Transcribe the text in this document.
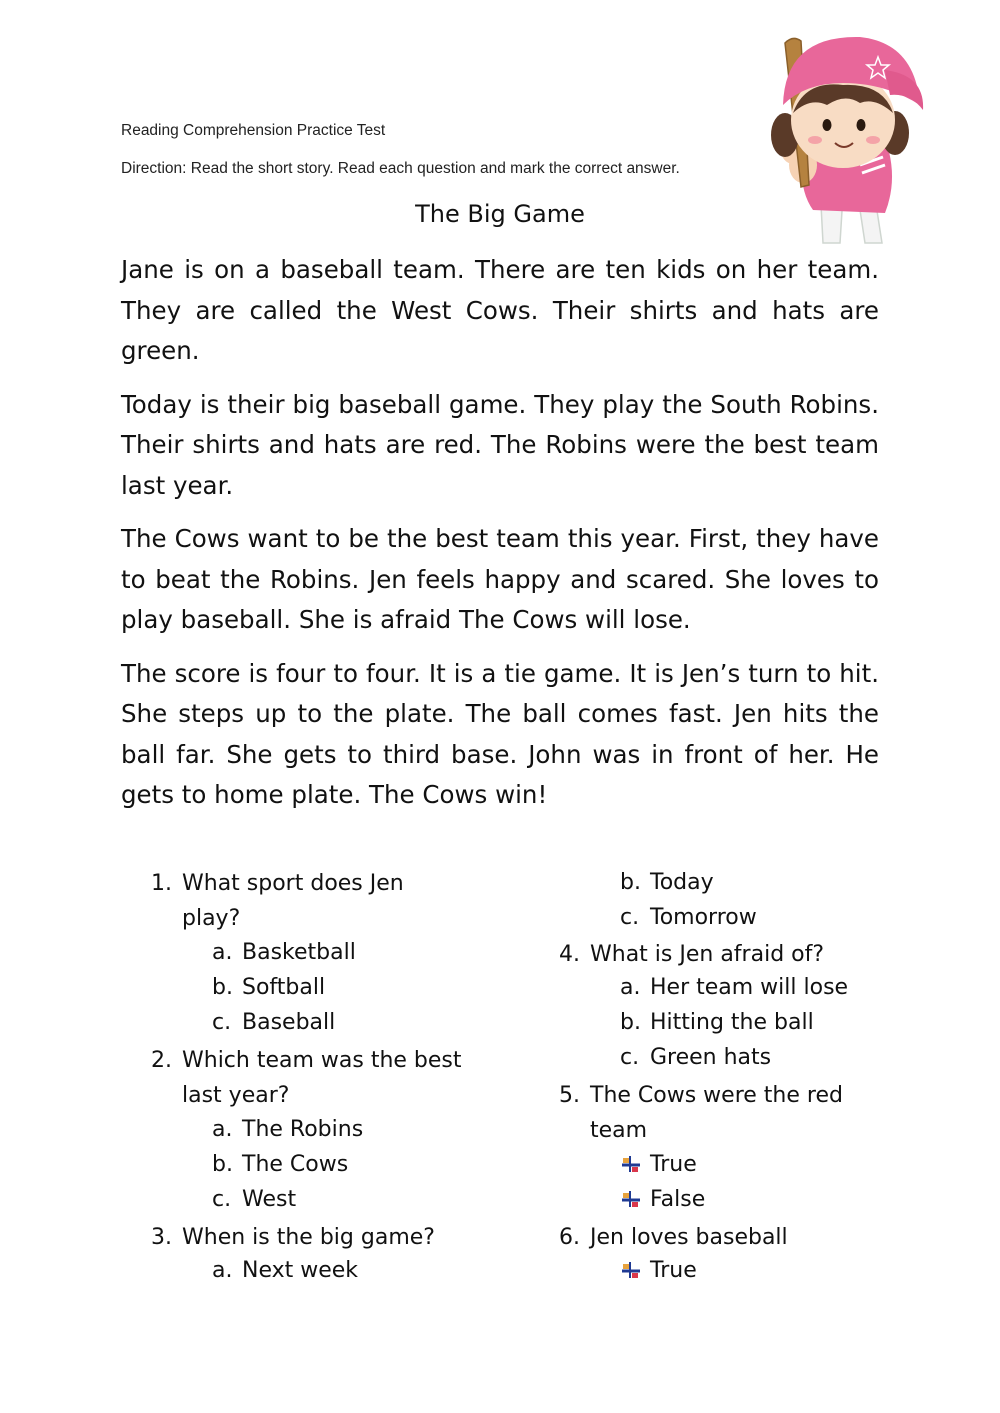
Reading Comprehension Practice Test
Direction: Read the short story. Read each question and mark the correct answer.
The Big Game

Jane is on a baseball team. There are ten kids on her team. They are called the West Cows. Their shirts and hats are green.

Today is their big baseball game. They play the South Robins. Their shirts and hats are red. The Robins were the best team last year.

The Cows want to be the best team this year. First, they have to beat the Robins. Jen feels happy and scared. She loves to play baseball. She is afraid The Cows will lose.

The score is four to four. It is a tie game. It is Jen’s turn to hit. She steps up to the plate. The ball comes fast. Jen hits the ball far. She gets to third base. John was in front of her. He gets to home plate. The Cows win!

1. What sport does Jen
play?
a. Basketball
b. Softball
c. Baseball
2. Which team was the best
last year?
a. The Robins
b. The Cows
c. West
3. When is the big game?
a. Next week
b. Today
c. Tomorrow
4. What is Jen afraid of?
a. Her team will lose
b. Hitting the ball
c. Green hats
5. The Cows were the red
team
True
False
6. Jen loves baseball
True
